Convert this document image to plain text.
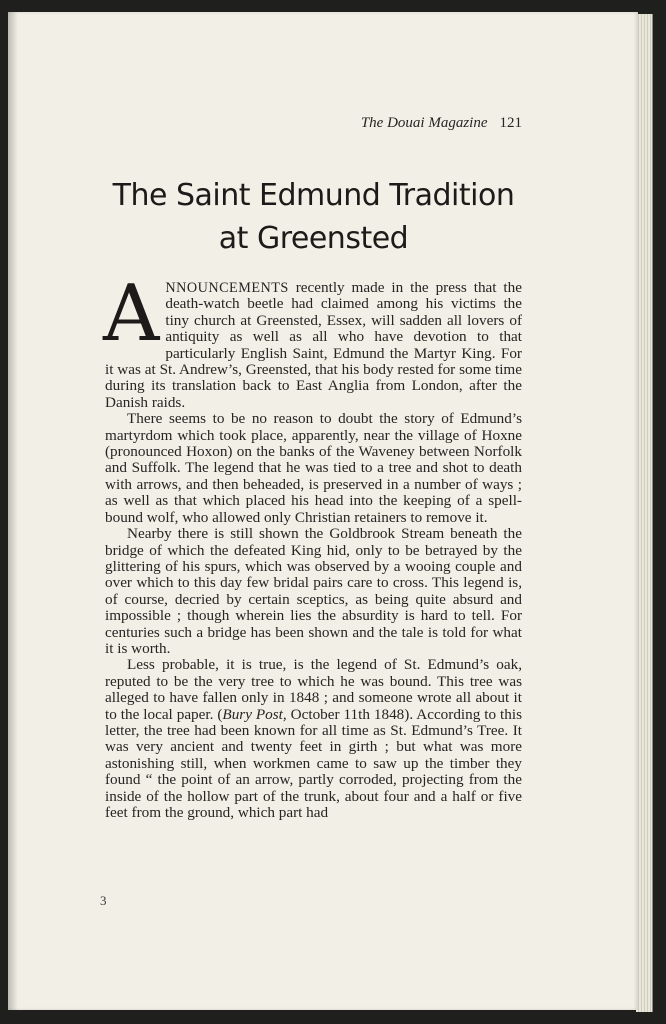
The Douai Magazine 121
The Saint Edmund Tradition
at Greensted

ANNOUNCEMENTS recently made in the press that the death-watch beetle had claimed among his victims the tiny church at Greensted, Essex, will sadden all lovers of antiquity as well as all who have devotion to that particularly English Saint, Edmund the Martyr King. For it was at St. Andrew’s, Greensted, that his body rested for some time during its translation back to East Anglia from London, after the Danish raids.

There seems to be no reason to doubt the story of Edmund’s martyrdom which took place, apparently, near the village of Hoxne (pronounced Hoxon) on the banks of the Waveney between Norfolk and Suffolk. The legend that he was tied to a tree and shot to death with arrows, and then beheaded, is preserved in a number of ways ; as well as that which placed his head into the keeping of a spell-bound wolf, who allowed only Christian retainers to remove it.

Nearby there is still shown the Goldbrook Stream beneath the bridge of which the defeated King hid, only to be betrayed by the glittering of his spurs, which was observed by a wooing couple and over which to this day few bridal pairs care to cross. This legend is, of course, decried by certain sceptics, as being quite absurd and impossible ; though wherein lies the absurdity is hard to tell. For centuries such a bridge has been shown and the tale is told for what it is worth.

Less probable, it is true, is the legend of St. Edmund’s oak, reputed to be the very tree to which he was bound. This tree was alleged to have fallen only in 1848 ; and someone wrote all about it to the local paper. (Bury Post, October 11th 1848). According to this letter, the tree had been known for all time as St. Edmund’s Tree. It was very ancient and twenty feet in girth ; but what was more astonishing still, when workmen came to saw up the timber they found “ the point of an arrow, partly corroded, projecting from the inside of the hollow part of the trunk, about four and a half or five feet from the ground, which part had

3
